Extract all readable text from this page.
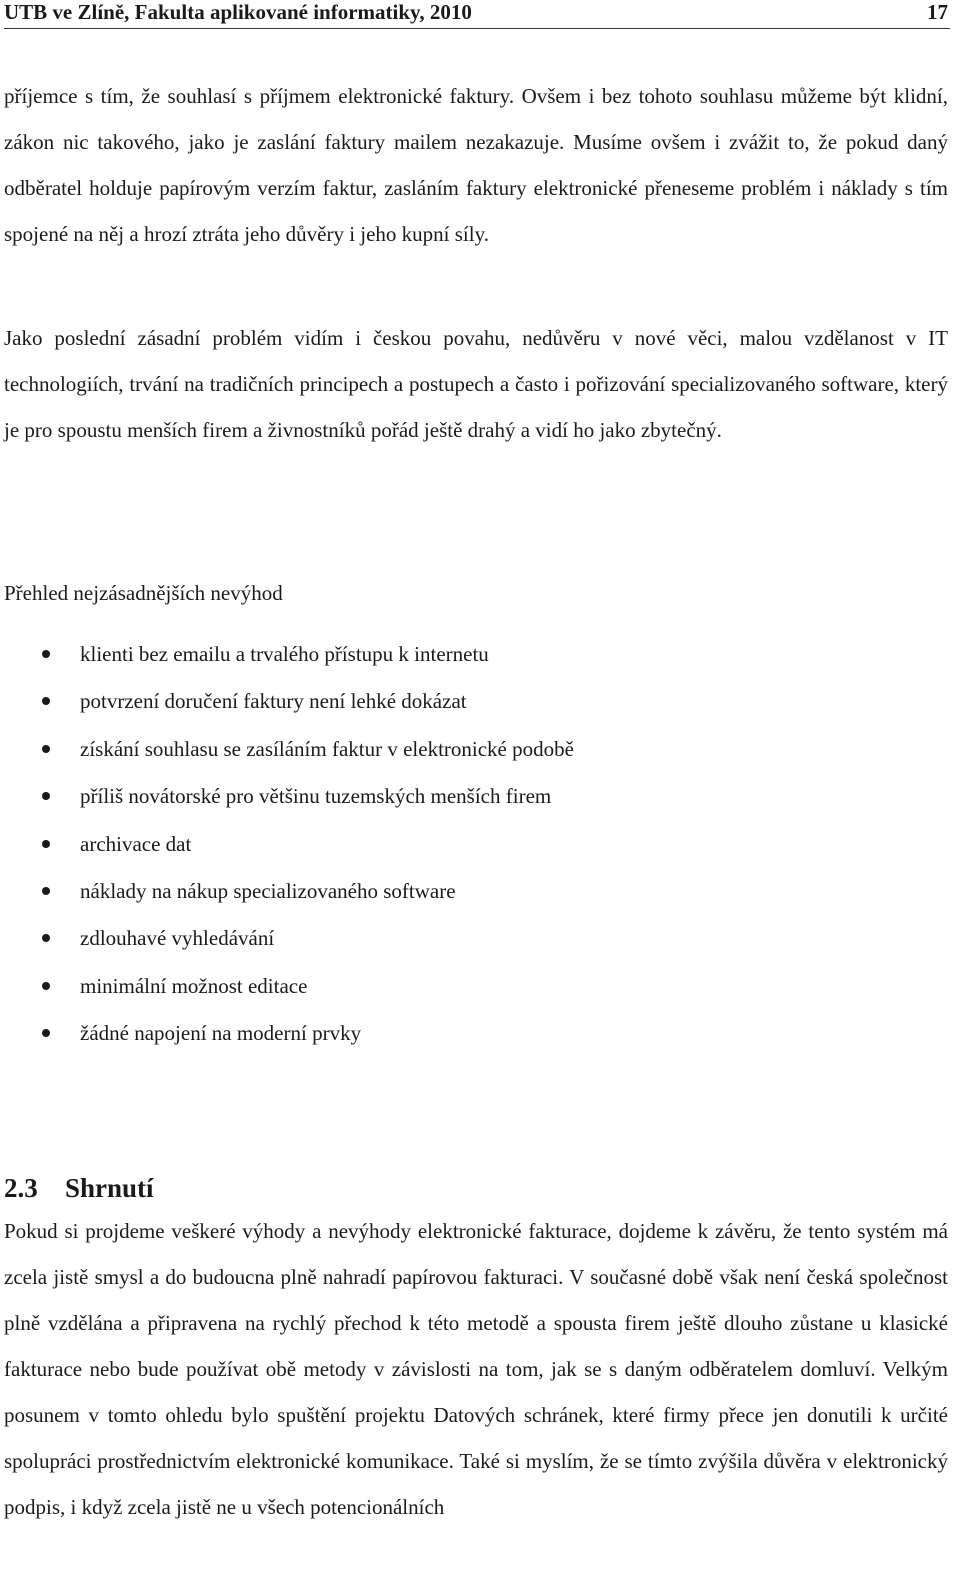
UTB ve Zlíně, Fakulta aplikované informatiky, 2010	17

příjemce s tím, že souhlasí s příjmem elektronické faktury. Ovšem i bez tohoto souhlasu můžeme být klidní, zákon nic takového, jako je zaslání faktury mailem nezakazuje. Musíme ovšem i zvážit to, že pokud daný odběratel holduje papírovým verzím faktur, zasláním faktury elektronické přeneseme problém i náklady s tím spojené na něj a hrozí ztráta jeho důvěry i jeho kupní síly.

Jako poslední zásadní problém vidím i českou povahu, nedůvěru v nové věci, malou vzdělanost v IT technologiích, trvání na tradičních principech a postupech a často i pořizování specializovaného software, který je pro spoustu menších firem a živnostníků pořád ještě drahý a vidí ho jako zbytečný.

Přehled nejzásadnějších nevýhod

klienti bez emailu a trvalého přístupu k internetu
potvrzení doručení faktury není lehké dokázat
získání souhlasu se zasíláním faktur v elektronické podobě
příliš novátorské pro většinu tuzemských menších firem
archivace dat
náklady na nákup specializovaného software
zdlouhavé vyhledávání
minimální možnost editace
žádné napojení na moderní prvky
2.3 Shrnutí

Pokud si projdeme veškeré výhody a nevýhody elektronické fakturace, dojdeme k závěru, že tento systém má zcela jistě smysl a do budoucna plně nahradí papírovou fakturaci. V současné době však není česká společnost plně vzdělána a připravena na rychlý přechod k této metodě a spousta firem ještě dlouho zůstane u klasické fakturace nebo bude používat obě metody v závislosti na tom, jak se s daným odběratelem domluví. Velkým posunem v tomto ohledu bylo spuštění projektu Datových schránek, které firmy přece jen donutili k určité spolupráci prostřednictvím elektronické komunikace. Také si myslím, že se tímto zvýšila důvěra v elektronický podpis, i když zcela jistě ne u všech potencionálních
